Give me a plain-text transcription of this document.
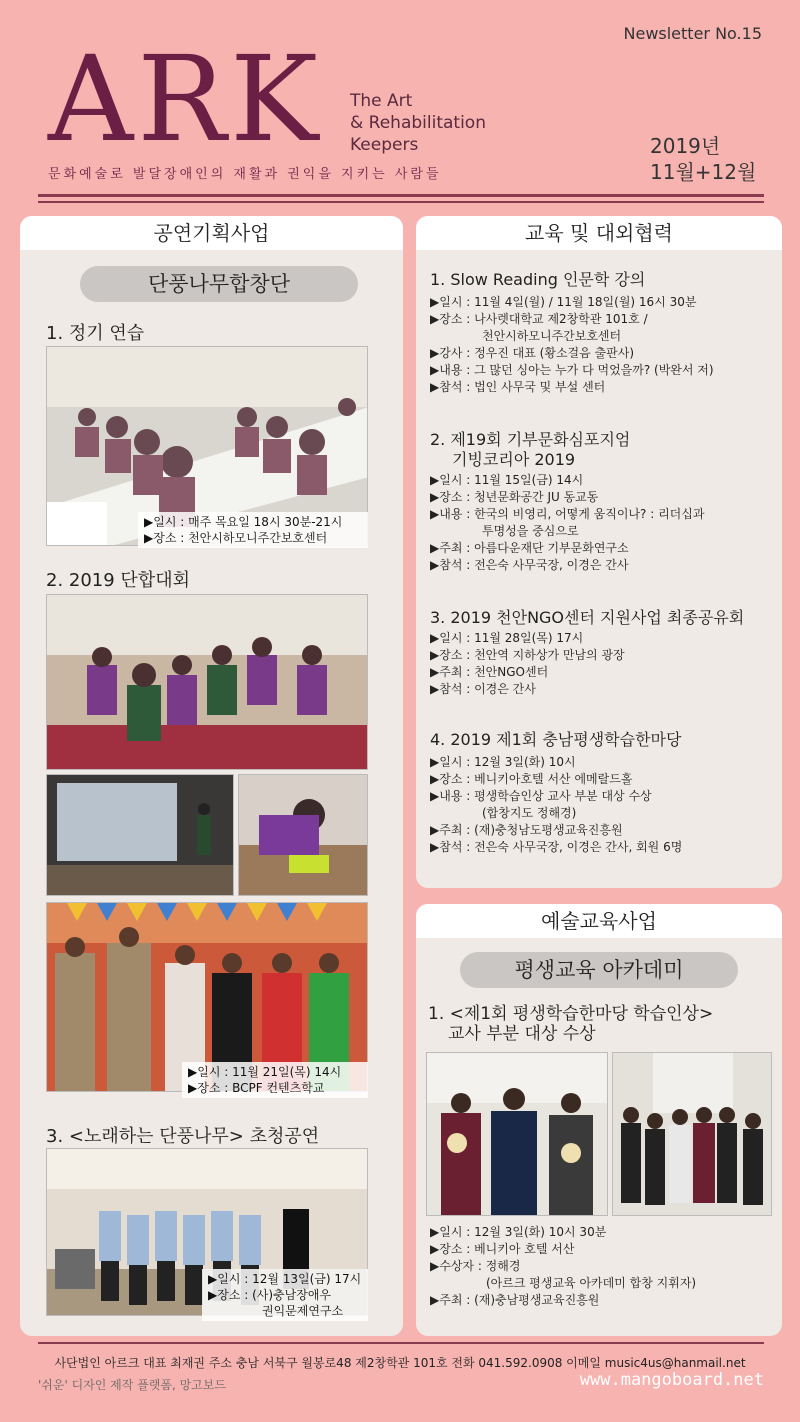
Newsletter No.15
ARK The Art
& Rehabilitation
Keepers	2019년
11월+12월
문화예술로 발달장애인의 재활과 권익을 지키는 사람들
공연기획사업
단풍나무합창단
1. 정기 연습
▶일시 : 매주 목요일 18시 30분-21시
▶장소 : 천안시하모니주간보호센터
2. 2019 단합대회
▶일시 : 11월 21일(목) 14시
▶장소 : BCPF 컨텐츠학교
3. <노래하는 단풍나무> 초청공연
▶일시 : 12월 13일(금) 17시
▶장소 : (사)충남장애우
권익문제연구소
교육 및 대외협력
1. Slow Reading 인문학 강의
▶일시 : 11월 4일(월) / 11월 18일(월) 16시 30분
▶장소 : 나사렛대학교 제2창학관 101호 /
천안시하모니주간보호센터
▶강사 : 정우진 대표 (황소걸음 출판사)
▶내용 : 그 많던 싱아는 누가 다 먹었을까? (박완서 저)
▶참석 : 법인 사무국 및 부설 센터
2. 제19회 기부문화심포지엄
기빙코리아 2019
▶일시 : 11월 15일(금) 14시
▶장소 : 청년문화공간 JU 동교동
▶내용 : 한국의 비영리, 어떻게 움직이나? : 리더십과
투명성을 중심으로
▶주최 : 아름다운재단 기부문화연구소
▶참석 : 전은숙 사무국장, 이경은 간사
3. 2019 천안NGO센터 지원사업 최종공유회
▶일시 : 11월 28일(목) 17시
▶장소 : 천안역 지하상가 만남의 광장
▶주최 : 천안NGO센터
▶참석 : 이경은 간사
4. 2019 제1회 충남평생학습한마당
▶일시 : 12월 3일(화) 10시
▶장소 : 베니키아호텔 서산 에메랄드홀
▶내용 : 평생학습인상 교사 부분 대상 수상
(합창지도 정해경)
▶주최 : (재)충청남도평생교육진흥원
▶참석 : 전은숙 사무국장, 이경은 간사, 회원 6명
예술교육사업
평생교육 아카데미
1. <제1회 평생학습한마당 학습인상>
교사 부분 대상 수상
▶일시 : 12월 3일(화) 10시 30분
▶장소 : 베니키아 호텔 서산
▶수상자 : 정해경
(아르크 평생교육 아카데미 합창 지휘자)
▶주최 : (재)충남평생교육진흥원
사단법인 아르크 대표 최재권 주소 충남 서북구 월봉로48 제2창학관 101호 전화 041.592.0908 이메일 music4us@hanmail.net
'쉬운' 디자인 제작 플랫폼, 망고보드	www.mangoboard.net
